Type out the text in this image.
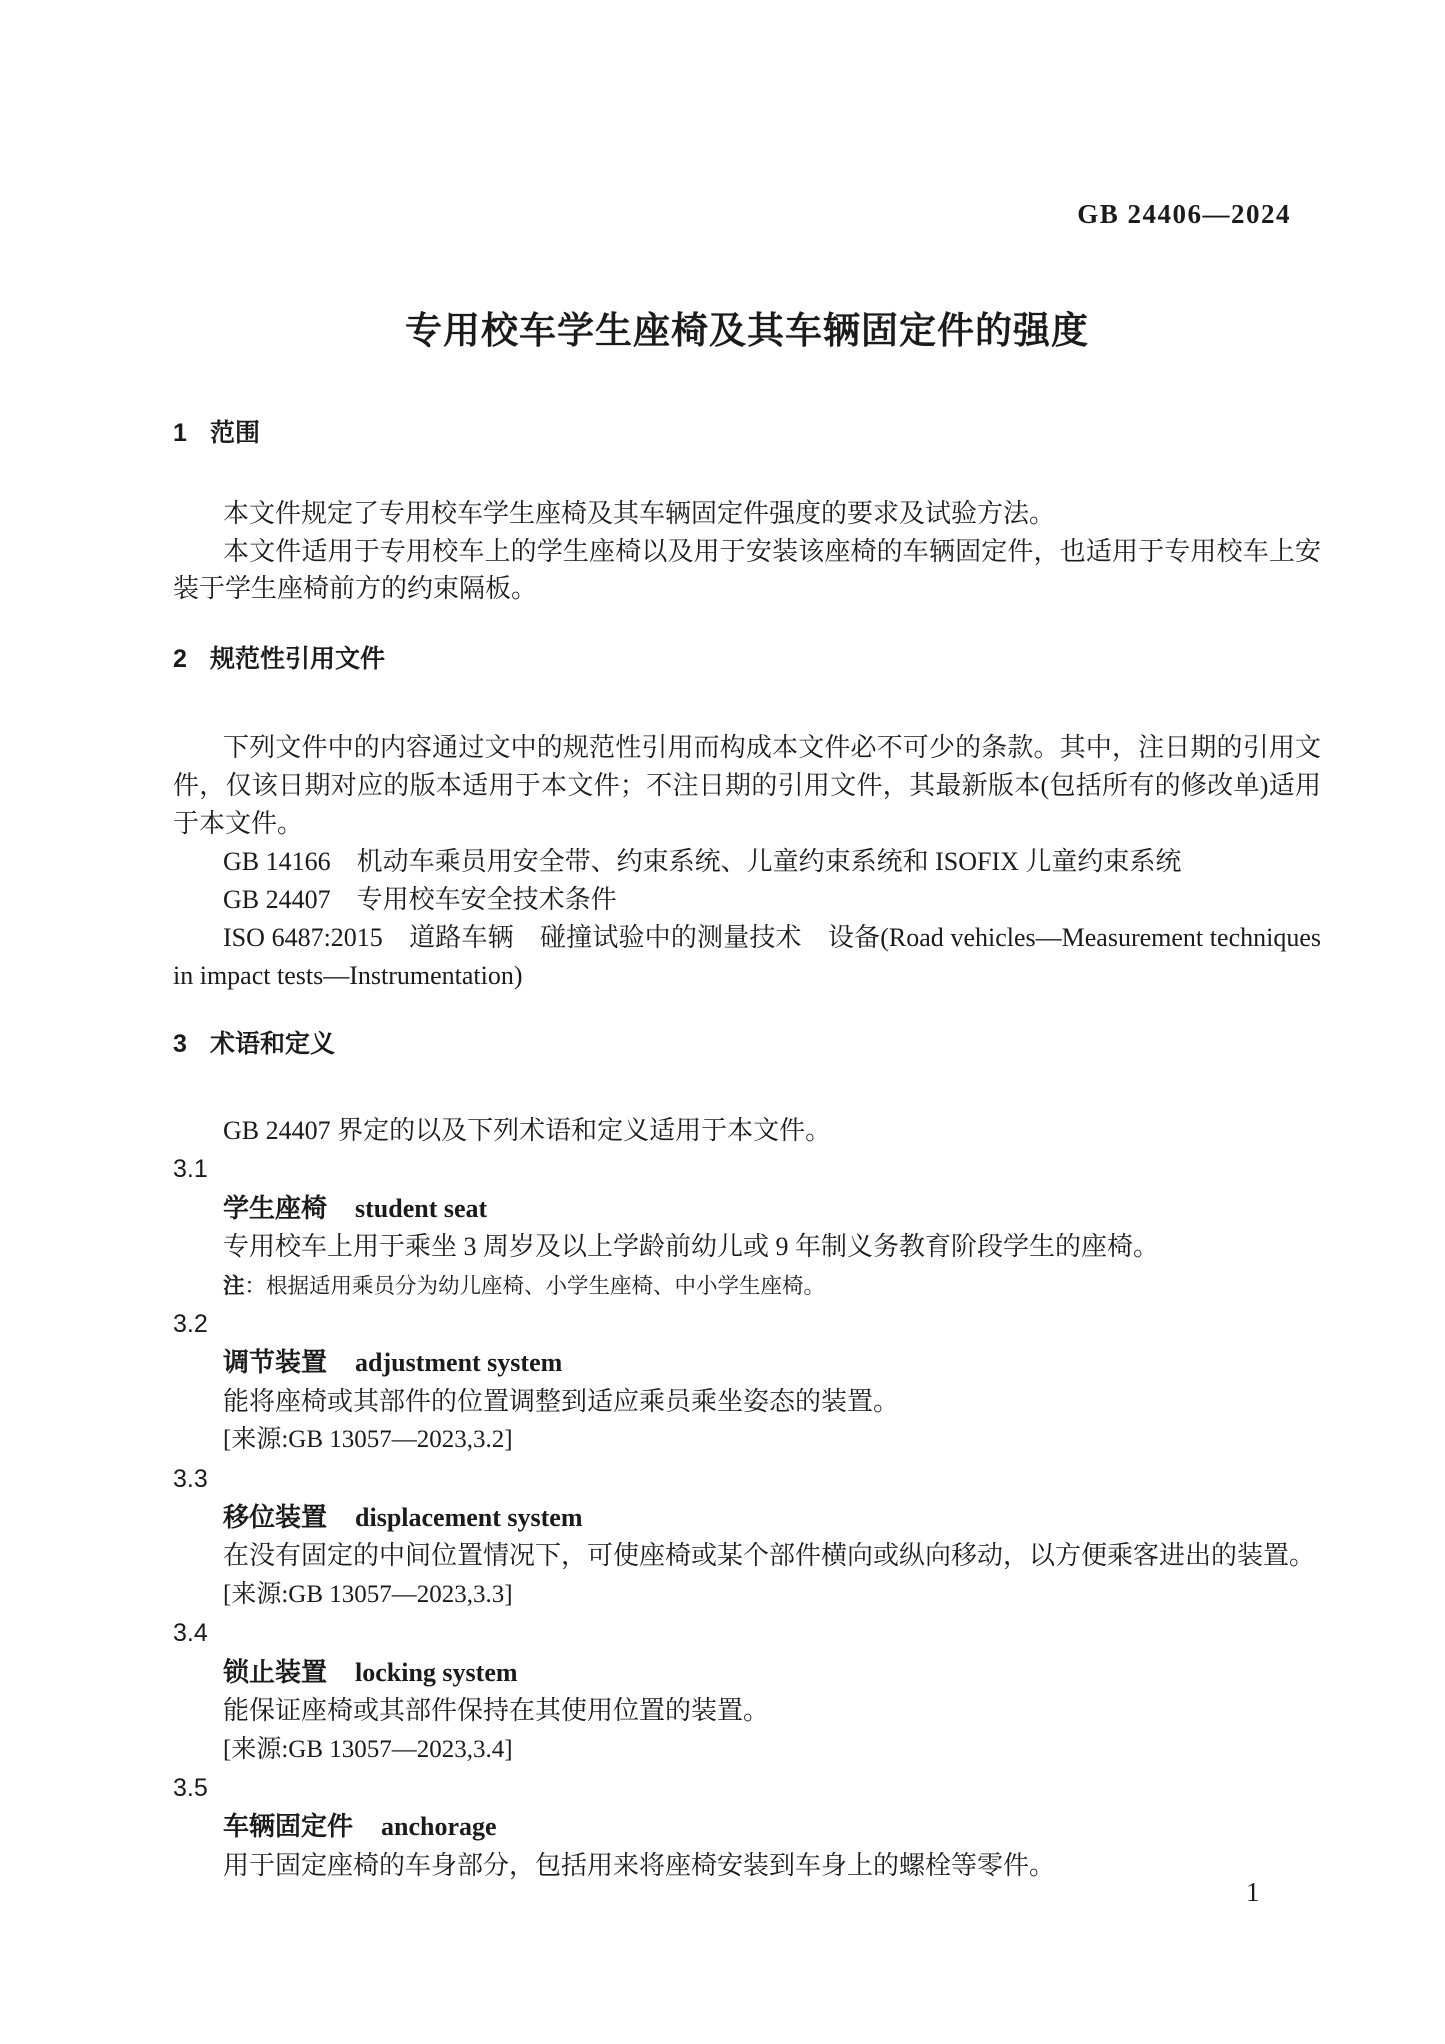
GB 24406—2024
专用校车学生座椅及其车辆固定件的强度
1 范围

本文件规定了专用校车学生座椅及其车辆固定件强度的要求及试验方法。

本文件适用于专用校车上的学生座椅以及用于安装该座椅的车辆固定件，也适用于专用校车上安装于学生座椅前方的约束隔板。

2 规范性引用文件

下列文件中的内容通过文中的规范性引用而构成本文件必不可少的条款。其中，注日期的引用文件，仅该日期对应的版本适用于本文件；不注日期的引用文件，其最新版本(包括所有的修改单)适用于本文件。

GB 14166　机动车乘员用安全带、约束系统、儿童约束系统和 ISOFIX 儿童约束系统

GB 24407　专用校车安全技术条件

ISO 6487:2015　道路车辆　碰撞试验中的测量技术　设备(Road vehicles—Measurement techniques in impact tests—Instrumentation)

3 术语和定义

GB 24407 界定的以及下列术语和定义适用于本文件。

3.1
学生座椅 student seat
专用校车上用于乘坐 3 周岁及以上学龄前幼儿或 9 年制义务教育阶段学生的座椅。
注：根据适用乘员分为幼儿座椅、小学生座椅、中小学生座椅。
3.2
调节装置 adjustment system
能将座椅或其部件的位置调整到适应乘员乘坐姿态的装置。
[来源:GB 13057—2023,3.2]
3.3
移位装置 displacement system
在没有固定的中间位置情况下，可使座椅或某个部件横向或纵向移动，以方便乘客进出的装置。
[来源:GB 13057—2023,3.3]
3.4
锁止装置 locking system
能保证座椅或其部件保持在其使用位置的装置。
[来源:GB 13057—2023,3.4]
3.5
车辆固定件 anchorage
用于固定座椅的车身部分，包括用来将座椅安装到车身上的螺栓等零件。
1
